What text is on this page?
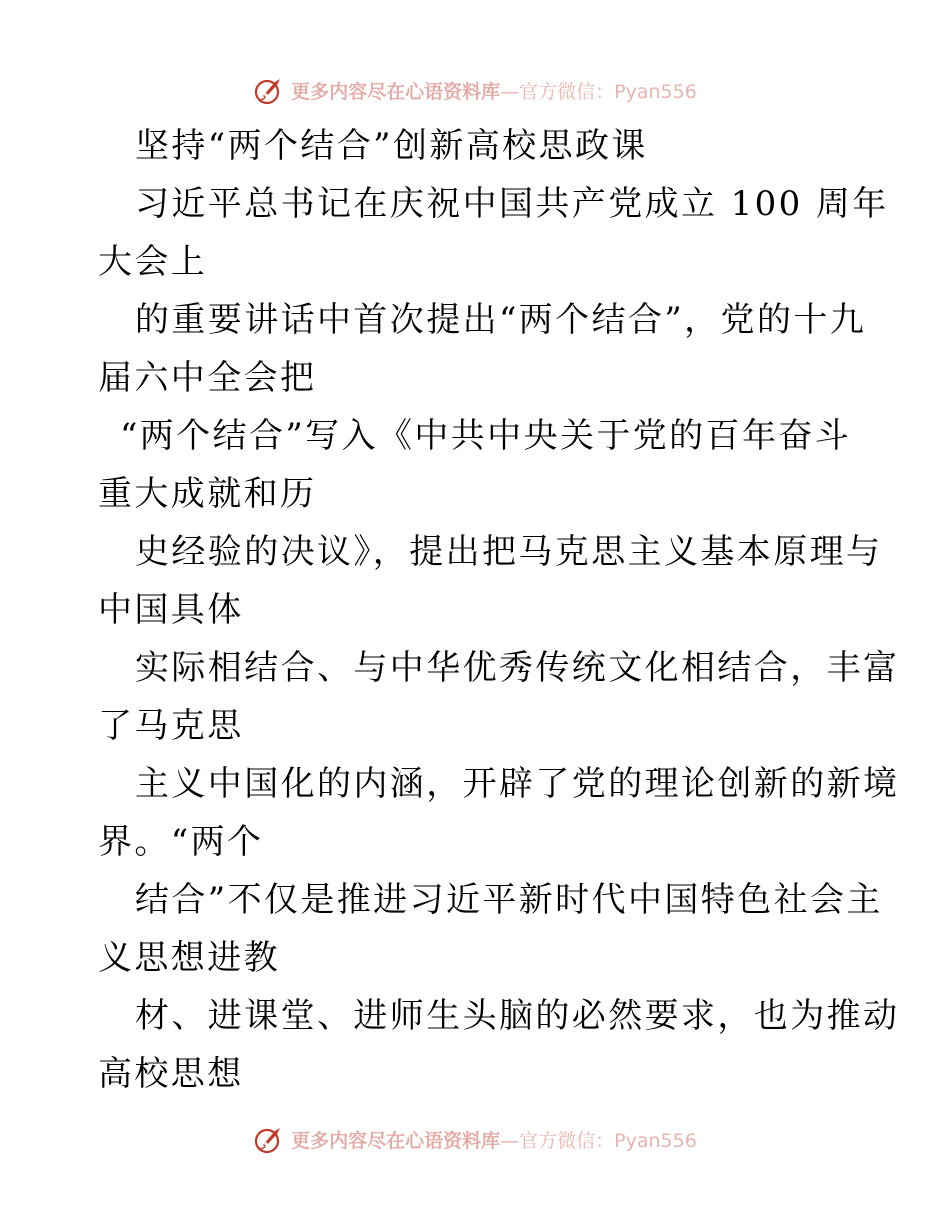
更多内容尽在心语资料库—官方微信：Pyan556
坚持“两个结合”创新高校思政课
习近平总书记在庆祝中国共产党成立 100 周年
大会上
的重要讲话中首次提出“两个结合”，党的十九
届六中全会把
“两个结合”写入《中共中央关于党的百年奋斗
重大成就和历
史经验的决议》，提出把马克思主义基本原理与
中国具体
实际相结合、与中华优秀传统文化相结合，丰富
了马克思
主义中国化的内涵，开辟了党的理论创新的新境
界。“两个
结合”不仅是推进习近平新时代中国特色社会主
义思想进教
材、进课堂、进师生头脑的必然要求，也为推动
高校思想
更多内容尽在心语资料库—官方微信：Pyan556
